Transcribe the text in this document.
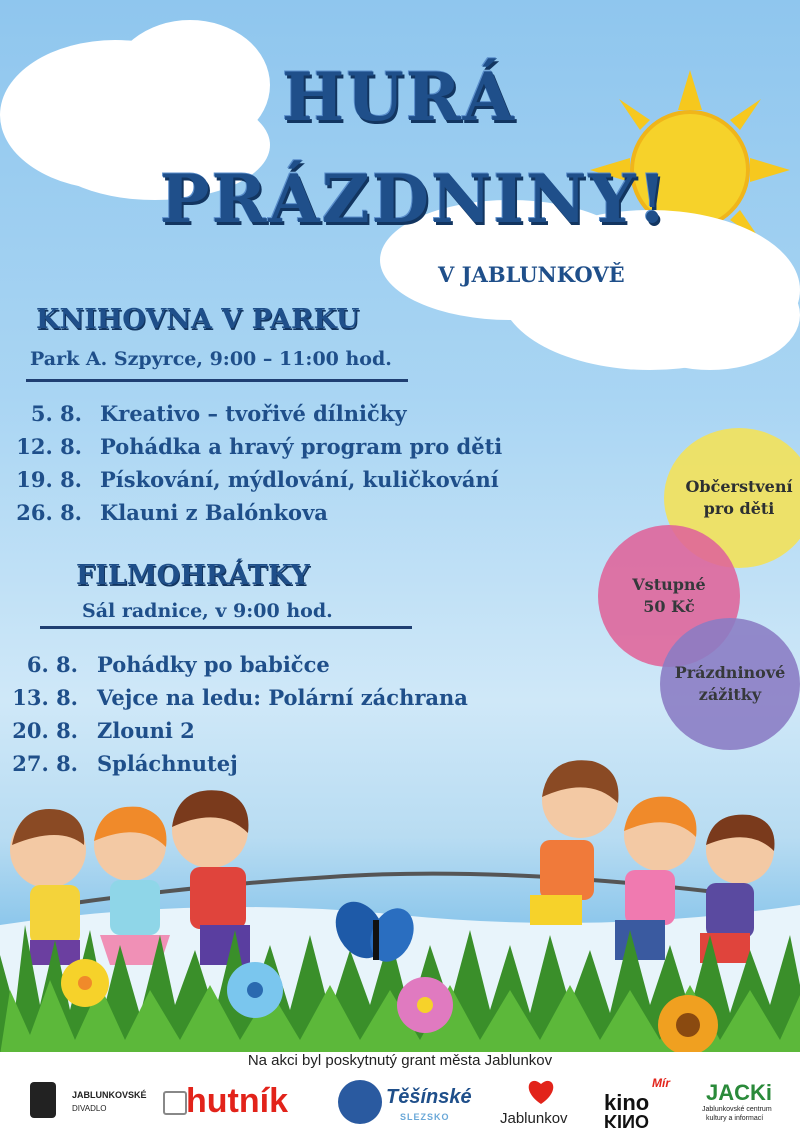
HURÁ
PRÁZDNINY!
V JABLUNKOVĚ
KNIHOVNA V PARKU
Park A. Szpyrce, 9:00 – 11:00 hod.
5. 8. Kreativo – tvořivé dílničky
12. 8. Pohádka a hravý program pro děti
19. 8. Pískování, mýdlování, kuličkování
26. 8. Klauni z Balónkova
FILMOHRÁTKY
Sál radnice, v 9:00 hod.
6. 8. Pohádky po babičce
13. 8. Vejce na ledu: Polární záchrana
20. 8. Zlouni 2
27. 8. Spláchnutej
Občerstvení
pro děti
Vstupné
50 Kč
Prázdninové
zážitky
JABLUNKOVSKÉ
DIVADLO hutník	Těšínské
SLEZSKO	Jablunkov
kino
Mír
KINO
JACKi
Jablunkovské centrum
kultury a informací
Na akci byl poskytnutý grant města Jablunkov
